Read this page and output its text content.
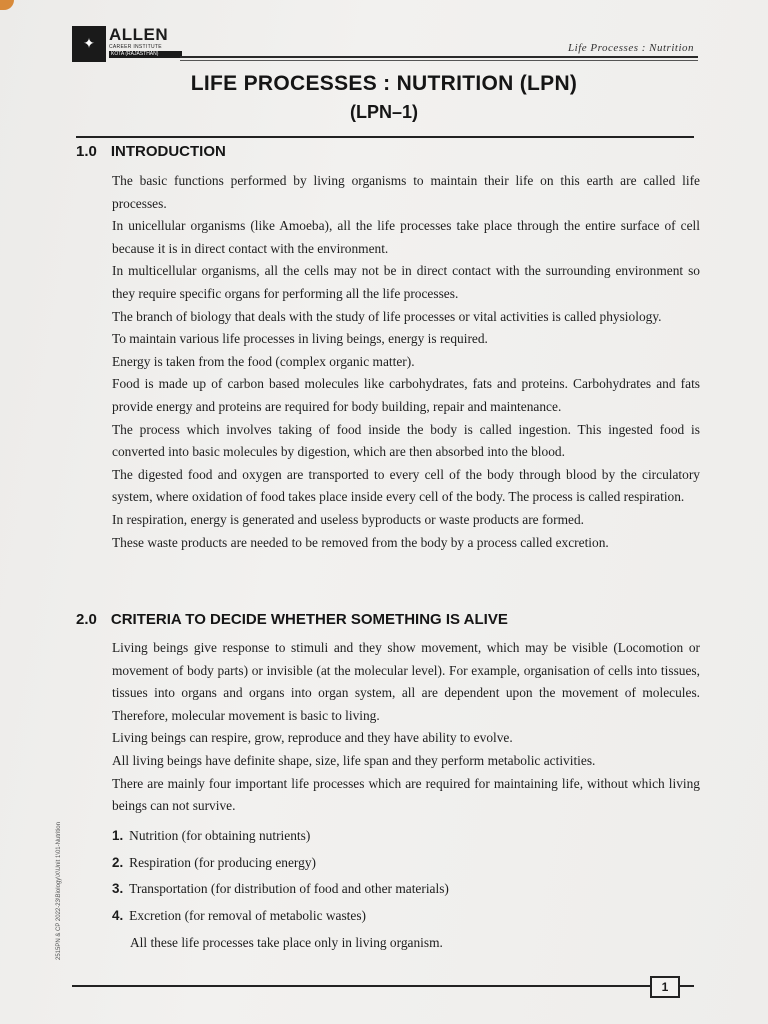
✦ ALLEN
CAREER INSTITUTE
KOTA (RAJASTHAN)	Life Processes : Nutrition
LIFE PROCESSES : NUTRITION (LPN)
(LPN–1)
1.0 INTRODUCTION

The basic functions performed by living organisms to maintain their life on this earth are called life processes.

In unicellular organisms (like Amoeba), all the life processes take place through the entire surface of cell because it is in direct contact with the environment.

In multicellular organisms, all the cells may not be in direct contact with the surrounding environment so they require specific organs for performing all the life processes.

The branch of biology that deals with the study of life processes or vital activities is called physiology.

To maintain various life processes in living beings, energy is required.

Energy is taken from the food (complex organic matter).

Food is made up of carbon based molecules like carbohydrates, fats and proteins. Carbohydrates and fats provide energy and proteins are required for body building, repair and maintenance.

The process which involves taking of food inside the body is called ingestion. This ingested food is converted into basic molecules by digestion, which are then absorbed into the blood.

The digested food and oxygen are transported to every cell of the body through blood by the circulatory system, where oxidation of food takes place inside every cell of the body. The process is called respiration.

In respiration, energy is generated and useless byproducts or waste products are formed.

These waste products are needed to be removed from the body by a process called excretion.

2.0 CRITERIA TO DECIDE WHETHER SOMETHING IS ALIVE

Living beings give response to stimuli and they show movement, which may be visible (Locomotion or movement of body parts) or invisible (at the molecular level). For example, organisation of cells into tissues, tissues into organs and organs into organ system, all are dependent upon the movement of molecules. Therefore, molecular movement is basic to living.

Living beings can respire, grow, reproduce and they have ability to evolve.

All living beings have definite shape, size, life span and they perform metabolic activities.

There are mainly four important life processes which are required for maintaining life, without which living beings can not survive.

1. Nutrition (for obtaining nutrients)
2. Respiration (for producing energy)
3. Transportation (for distribution of food and other materials)
4. Excretion (for removal of metabolic wastes)
All these life processes take place only in living organism.
2515PN & CP 2022-23\Biology\X\Unit 1\01-Nutrition
1
